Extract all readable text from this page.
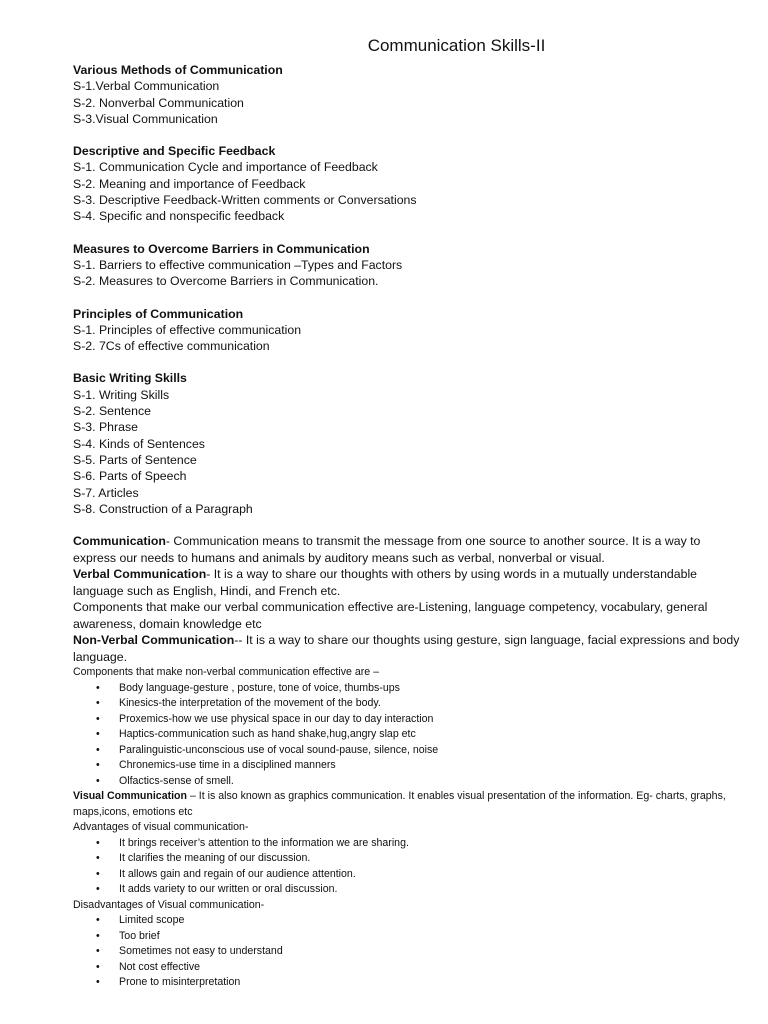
Communication Skills-II
Various Methods of Communication
S-1.Verbal Communication
S-2. Nonverbal Communication
S-3.Visual Communication
Descriptive and Specific Feedback
S-1. Communication Cycle and importance of Feedback
S-2. Meaning and importance of Feedback
S-3. Descriptive Feedback-Written comments or Conversations
S-4. Specific and nonspecific feedback
Measures to Overcome Barriers in Communication
S-1. Barriers to effective communication –Types and Factors
S-2. Measures to Overcome Barriers in Communication.
Principles of Communication
S-1. Principles of effective communication
S-2. 7Cs of effective communication
Basic Writing Skills
S-1. Writing Skills
S-2. Sentence
S-3. Phrase
S-4. Kinds of Sentences
S-5. Parts of Sentence
S-6. Parts of Speech
S-7. Articles
S-8. Construction of a Paragraph
Communication- Communication means to transmit the message from one source to another source. It is a way to express our needs to humans and animals by auditory means such as verbal, nonverbal or visual.
Verbal Communication- It is a way to share our thoughts with others by using words in a mutually understandable language such as English, Hindi, and French etc.
Components that make our verbal communication effective are-Listening, language competency, vocabulary, general awareness, domain knowledge etc
Non-Verbal Communication-- It is a way to share our thoughts using gesture, sign language, facial expressions and body language.
Components that make non-verbal communication effective are –
• Body language-gesture , posture, tone of voice, thumbs-ups
• Kinesics-the interpretation of the movement of the body.
• Proxemics-how we use physical space in our day to day interaction
• Haptics-communication such as hand shake,hug,angry slap etc
• Paralinguistic-unconscious use of vocal sound-pause, silence, noise
• Chronemics-use time in a disciplined manners
• Olfactics-sense of smell.
Visual Communication – It is also known as graphics communication. It enables visual presentation of the information. Eg- charts, graphs, maps,icons, emotions etc
Advantages of visual communication-
• It brings receiver’s attention to the information we are sharing.
• It clarifies the meaning of our discussion.
• It allows gain and regain of our audience attention.
• It adds variety to our written or oral discussion.
Disadvantages of Visual communication-
• Limited scope
• Too brief
• Sometimes not easy to understand
• Not cost effective
• Prone to misinterpretation
